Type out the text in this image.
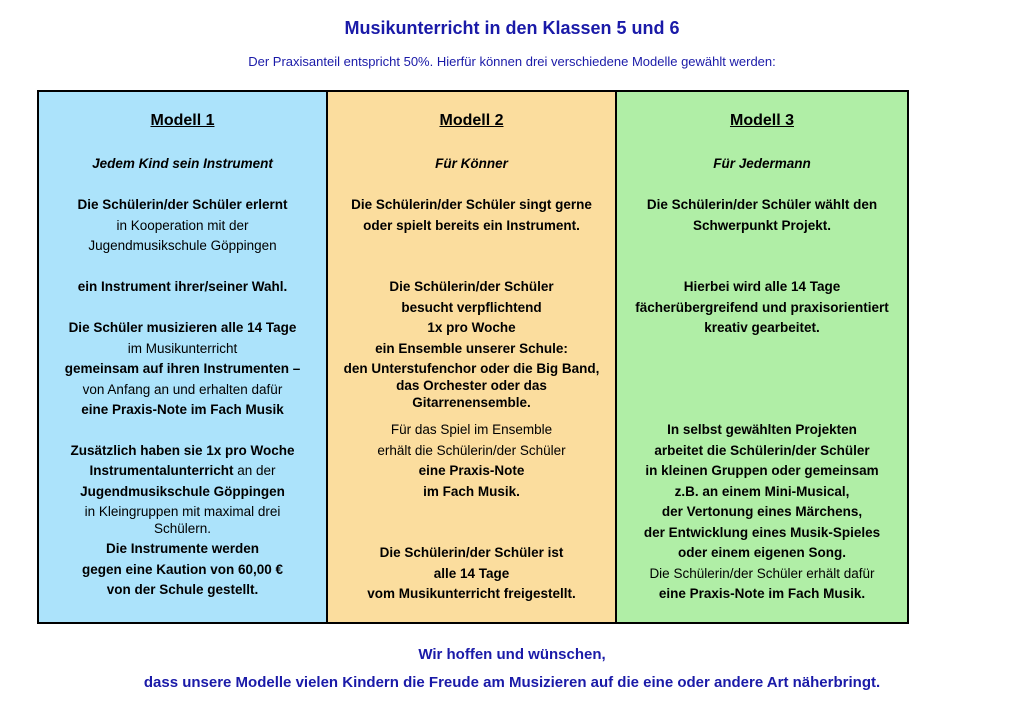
Musikunterricht in den Klassen 5 und 6
Der Praxisanteil entspricht 50%. Hierfür können drei verschiedene Modelle gewählt werden:
Modell 1
Jedem Kind sein Instrument
Die Schülerin/der Schüler erlernt
in Kooperation mit der
Jugendmusikschule Göppingen
ein Instrument ihrer/seiner Wahl.
Die Schüler musizieren alle 14 Tage
im Musikunterricht
gemeinsam auf ihren Instrumenten –
von Anfang an und erhalten dafür
eine Praxis-Note im Fach Musik
Zusätzlich haben sie 1x pro Woche
Instrumentalunterricht an der
Jugendmusikschule Göppingen
in Kleingruppen mit maximal drei
Schülern.
Die Instrumente werden
gegen eine Kaution von 60,00 €
von der Schule gestellt.
Modell 2
Für Könner
Die Schülerin/der Schüler singt gerne
oder spielt bereits ein Instrument.
Die Schülerin/der Schüler
besucht verpflichtend
1x pro Woche
ein Ensemble unserer Schule:
den Unterstufenchor oder die Big Band,
das Orchester oder das
Gitarrenensemble.
Für das Spiel im Ensemble
erhält die Schülerin/der Schüler
eine Praxis-Note
im Fach Musik.
Die Schülerin/der Schüler ist
alle 14 Tage
vom Musikunterricht freigestellt.
Modell 3
Für Jedermann
Die Schülerin/der Schüler wählt den
Schwerpunkt Projekt.
Hierbei wird alle 14 Tage
fächerübergreifend und praxisorientiert
kreativ gearbeitet.
In selbst gewählten Projekten
arbeitet die Schülerin/der Schüler
in kleinen Gruppen oder gemeinsam
z.B. an einem Mini-Musical,
der Vertonung eines Märchens,
der Entwicklung eines Musik-Spieles
oder einem eigenen Song.
Die Schülerin/der Schüler erhält dafür
eine Praxis-Note im Fach Musik.
Wir hoffen und wünschen,
dass unsere Modelle vielen Kindern die Freude am Musizieren auf die eine oder andere Art näherbringt.
